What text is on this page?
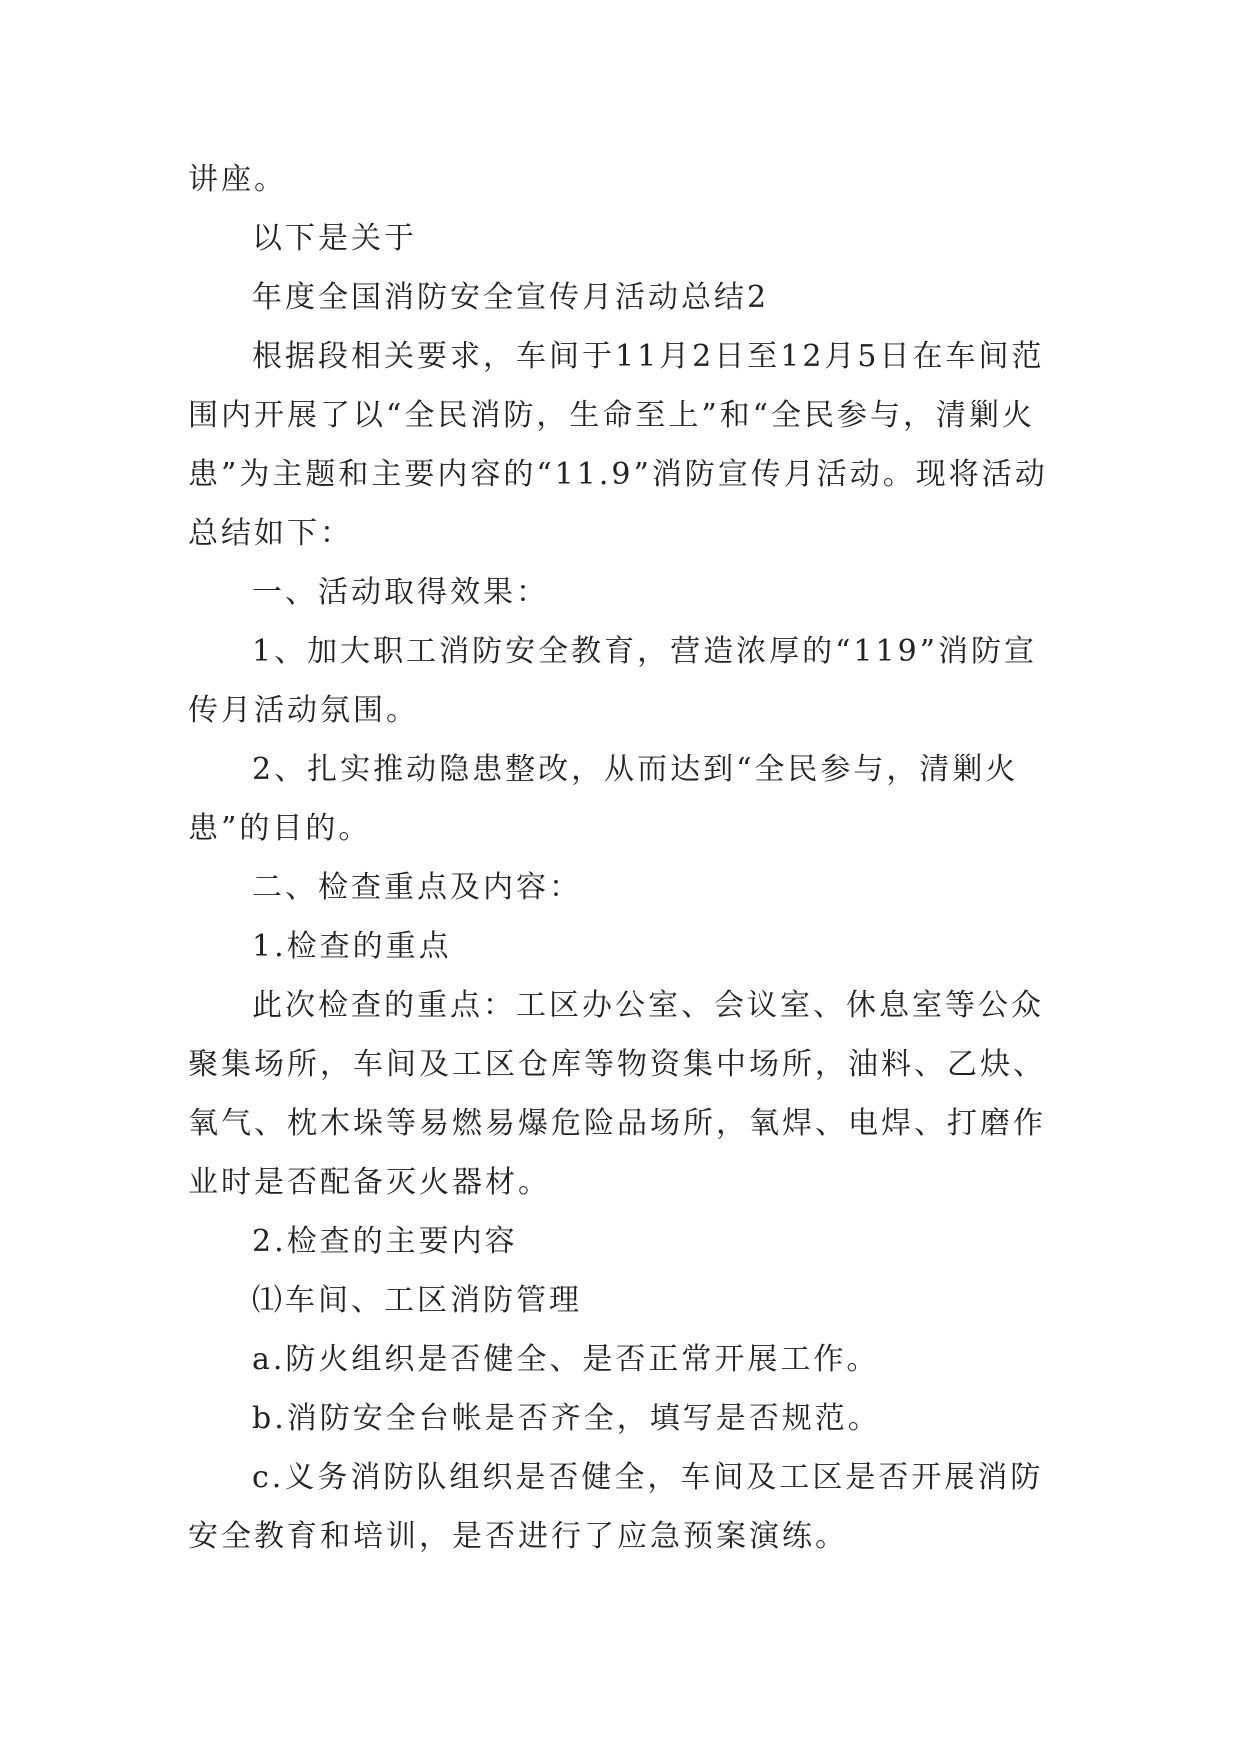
讲座。

以下是关于

年度全国消防安全宣传月活动总结2

根据段相关要求，车间于11月2日至12月5日在车间范围内开展了以“全民消防，生命至上”和“全民参与，清剿火患”为主题和主要内容的“11.9”消防宣传月活动。现将活动总结如下：

一、活动取得效果：

1、加大职工消防安全教育，营造浓厚的“119”消防宣传月活动氛围。

2、扎实推动隐患整改，从而达到“全民参与，清剿火患”的目的。

二、检查重点及内容：

1.检查的重点

此次检查的重点：工区办公室、会议室、休息室等公众聚集场所，车间及工区仓库等物资集中场所，油料、乙炔、氧气、枕木垛等易燃易爆危险品场所，氧焊、电焊、打磨作业时是否配备灭火器材。

2.检查的主要内容

⑴车间、工区消防管理

a.防火组织是否健全、是否正常开展工作。

b.消防安全台帐是否齐全，填写是否规范。

c.义务消防队组织是否健全，车间及工区是否开展消防安全教育和培训，是否进行了应急预案演练。
